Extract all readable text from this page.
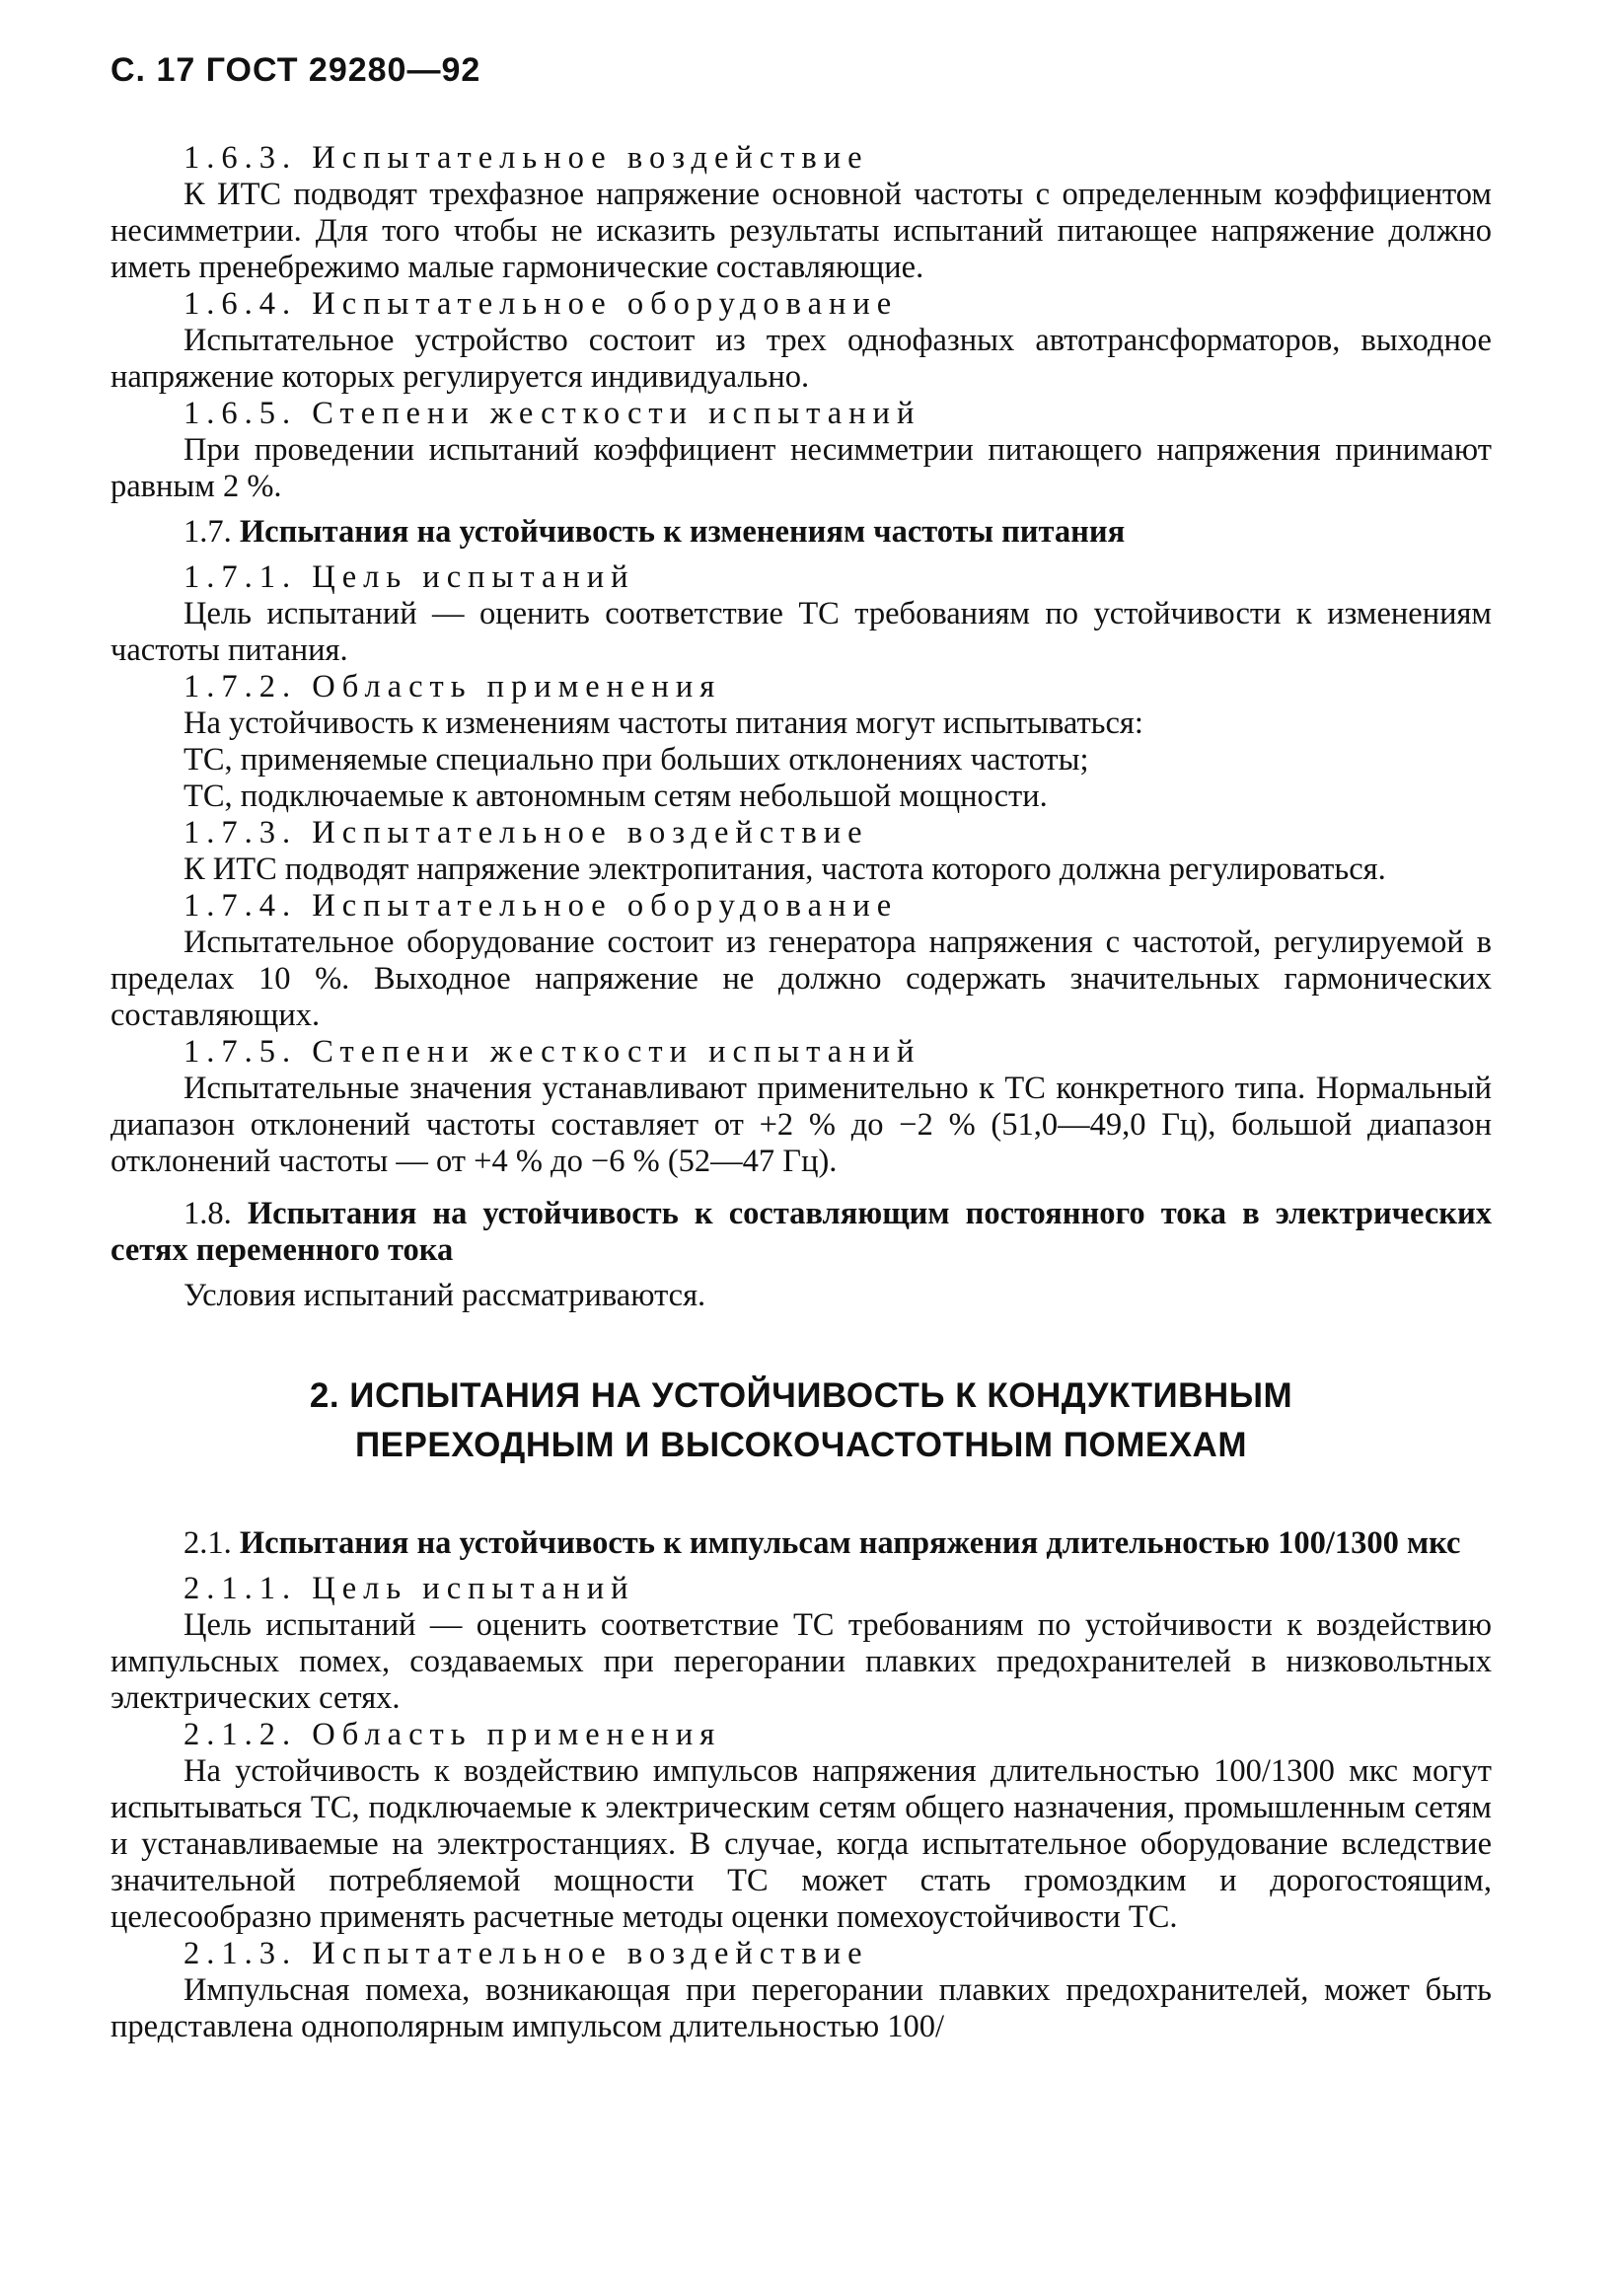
С. 17 ГОСТ 29280—92
1.6.3. Испытательное воздействие
К ИТС подводят трехфазное напряжение основной частоты с определенным коэффициентом несимметрии. Для того чтобы не исказить результаты испытаний питающее напряжение должно иметь пренебрежимо малые гармонические составляющие.
1.6.4. Испытательное оборудование
Испытательное устройство состоит из трех однофазных автотрансформаторов, выходное напряжение которых регулируется индивидуально.
1.6.5. Степени жесткости испытаний
При проведении испытаний коэффициент несимметрии питающего напряжения принимают равным 2 %.
1.7. Испытания на устойчивость к изменениям частоты питания
1.7.1. Цель испытаний
Цель испытаний — оценить соответствие ТС требованиям по устойчивости к изменениям частоты питания.
1.7.2. Область применения
На устойчивость к изменениям частоты питания могут испытываться:
ТС, применяемые специально при больших отклонениях частоты;
ТС, подключаемые к автономным сетям небольшой мощности.
1.7.3. Испытательное воздействие
К ИТС подводят напряжение электропитания, частота которого должна регулироваться.
1.7.4. Испытательное оборудование
Испытательное оборудование состоит из генератора напряжения с частотой, регулируемой в пределах 10 %. Выходное напряжение не должно содержать значительных гармонических составляющих.
1.7.5. Степени жесткости испытаний
Испытательные значения устанавливают применительно к ТС конкретного типа. Нормальный диапазон отклонений частоты составляет от +2 % до −2 % (51,0—49,0 Гц), большой диапазон отклонений частоты — от +4 % до −6 % (52—47 Гц).
1.8. Испытания на устойчивость к составляющим постоянного тока в электрических сетях переменного тока
Условия испытаний рассматриваются.
2. ИСПЫТАНИЯ НА УСТОЙЧИВОСТЬ К КОНДУКТИВНЫМ
ПЕРЕХОДНЫМ И ВЫСОКОЧАСТОТНЫМ ПОМЕХАМ
2.1. Испытания на устойчивость к импульсам напряжения длительностью 100/1300 мкс
2.1.1. Цель испытаний
Цель испытаний — оценить соответствие ТС требованиям по устойчивости к воздействию импульсных помех, создаваемых при перегорании плавких предохранителей в низковольтных электрических сетях.
2.1.2. Область применения
На устойчивость к воздействию импульсов напряжения длительностью 100/1300 мкс могут испытываться ТС, подключаемые к электрическим сетям общего назначения, промышленным сетям и устанавливаемые на электростанциях. В случае, когда испытательное оборудование вследствие значительной потребляемой мощности ТС может стать громоздким и дорогостоящим, целесообразно применять расчетные методы оценки помехоустойчивости ТС.
2.1.3. Испытательное воздействие
Импульсная помеха, возникающая при перегорании плавких предохранителей, может быть представлена однополярным импульсом длительностью 100/
